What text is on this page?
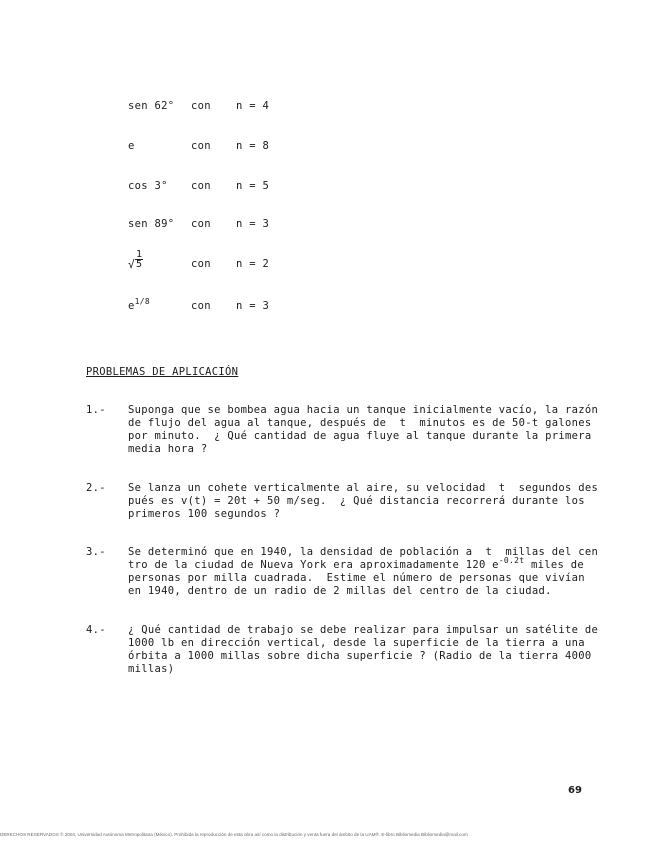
sen 62° con n = 4
e	con n = 8
cos 3° con n = 5
sen 89° con n = 3
√ $\frac{1}{5}$	con n = 2
$e^{1/8}$	con n = 3
PROBLEMAS DE APLICACIÓN
1.- Suponga que se bombea agua hacia un tanque inicialmente vacío, la razón
de flujo del agua al tanque, después de  t  minutos es de 50-t galones
por minuto.  ¿ Qué cantidad de agua fluye al tanque durante la primera
media hora ?
2.- Se lanza un cohete verticalmente al aire, su velocidad  t  segundos des
pués es v(t) = 20t + 50 m/seg.  ¿ Qué distancia recorrerá durante los
primeros 100 segundos ?
3.- Se determinó que en 1940, la densidad de población a  t  millas del cen
tro de la ciudad de Nueva York era aproximadamente 120 $e^{-0.2t}$ miles de
personas por milla cuadrada.  Estime el número de personas que vivían
en 1940, dentro de un radio de 2 millas del centro de la ciudad.
4.- ¿ Qué cantidad de trabajo se debe realizar para impulsar un satélite de
1000 lb en dirección vertical, desde la superficie de la tierra a una
órbita a 1000 millas sobre dicha superficie ? (Radio de la tierra 4000
millas)
69
DERECHOS RESERVADOS © 2004, Universidad Autónoma Metropolitana (México). Prohibida la reproducción de esta obra así como la distribución y venta fuera del ámbito de la UAM®. E-libro Bibliomedia Bibliomedia@mail.com
